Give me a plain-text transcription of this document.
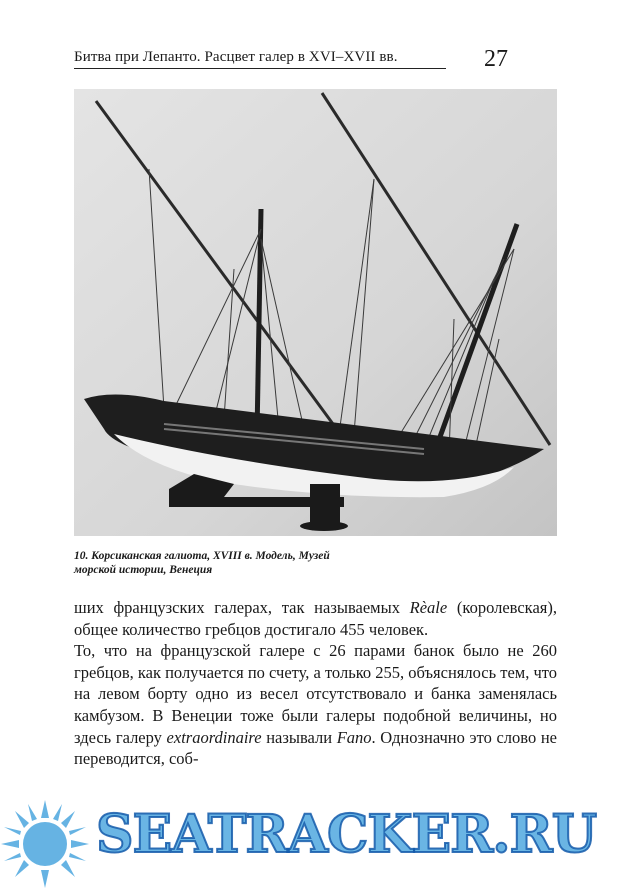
Битва при Лепанто. Расцвет галер в XVI–XVII вв.	27
10. Корсиканская галиота, XVIII в. Модель, Музей
морской истории, Венеция

ших французских галерах, так называемых Rèale (королевская), общее количество гребцов достигало 455 человек.

То, что на французской галере с 26 парами банок было не 260 гребцов, как получается по счету, а только 255, объяснялось тем, что на левом борту одно из весел отсутствовало и банка заменялась камбузом. В Венеции тоже были галеры подобной величины, но здесь галеру extraordinaire называли Fano. Однозначно это слово не переводится, соб-

SEATRACKER.RU
